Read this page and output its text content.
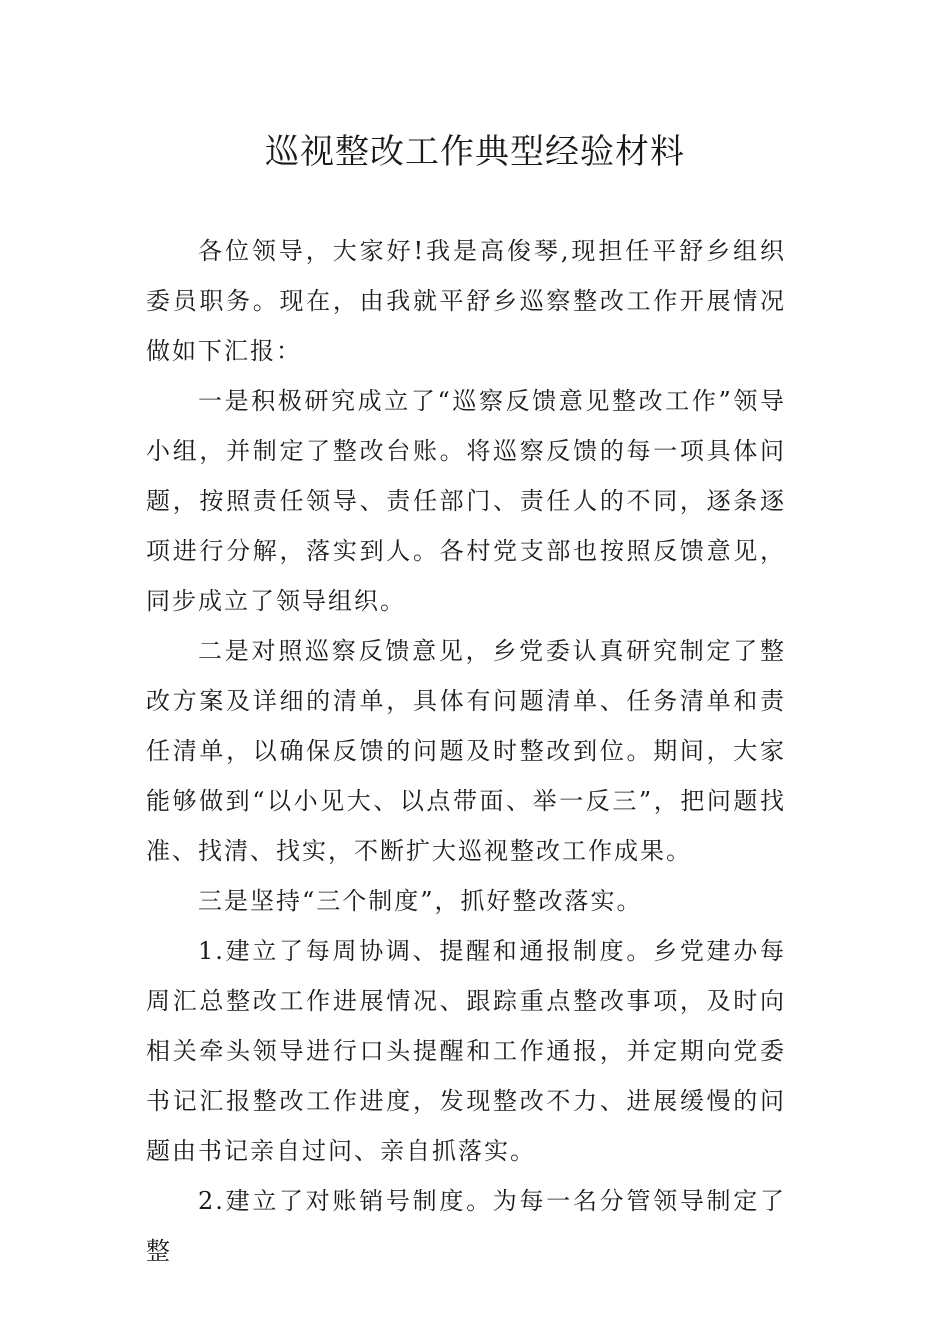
巡视整改工作典型经验材料

各位领导，大家好!我是高俊琴,现担任平舒乡组织委员职务。现在，由我就平舒乡巡察整改工作开展情况做如下汇报：

一是积极研究成立了“巡察反馈意见整改工作”领导小组，并制定了整改台账。将巡察反馈的每一项具体问题，按照责任领导、责任部门、责任人的不同，逐条逐项进行分解，落实到人。各村党支部也按照反馈意见，同步成立了领导组织。

二是对照巡察反馈意见，乡党委认真研究制定了整改方案及详细的清单，具体有问题清单、任务清单和责任清单，以确保反馈的问题及时整改到位。期间，大家能够做到“以小见大、以点带面、举一反三”，把问题找准、找清、找实，不断扩大巡视整改工作成果。

三是坚持“三个制度”，抓好整改落实。

1.建立了每周协调、提醒和通报制度。乡党建办每周汇总整改工作进展情况、跟踪重点整改事项，及时向相关牵头领导进行口头提醒和工作通报，并定期向党委书记汇报整改工作进度，发现整改不力、进展缓慢的问题由书记亲自过问、亲自抓落实。

2.建立了对账销号制度。为每一名分管领导制定了整
